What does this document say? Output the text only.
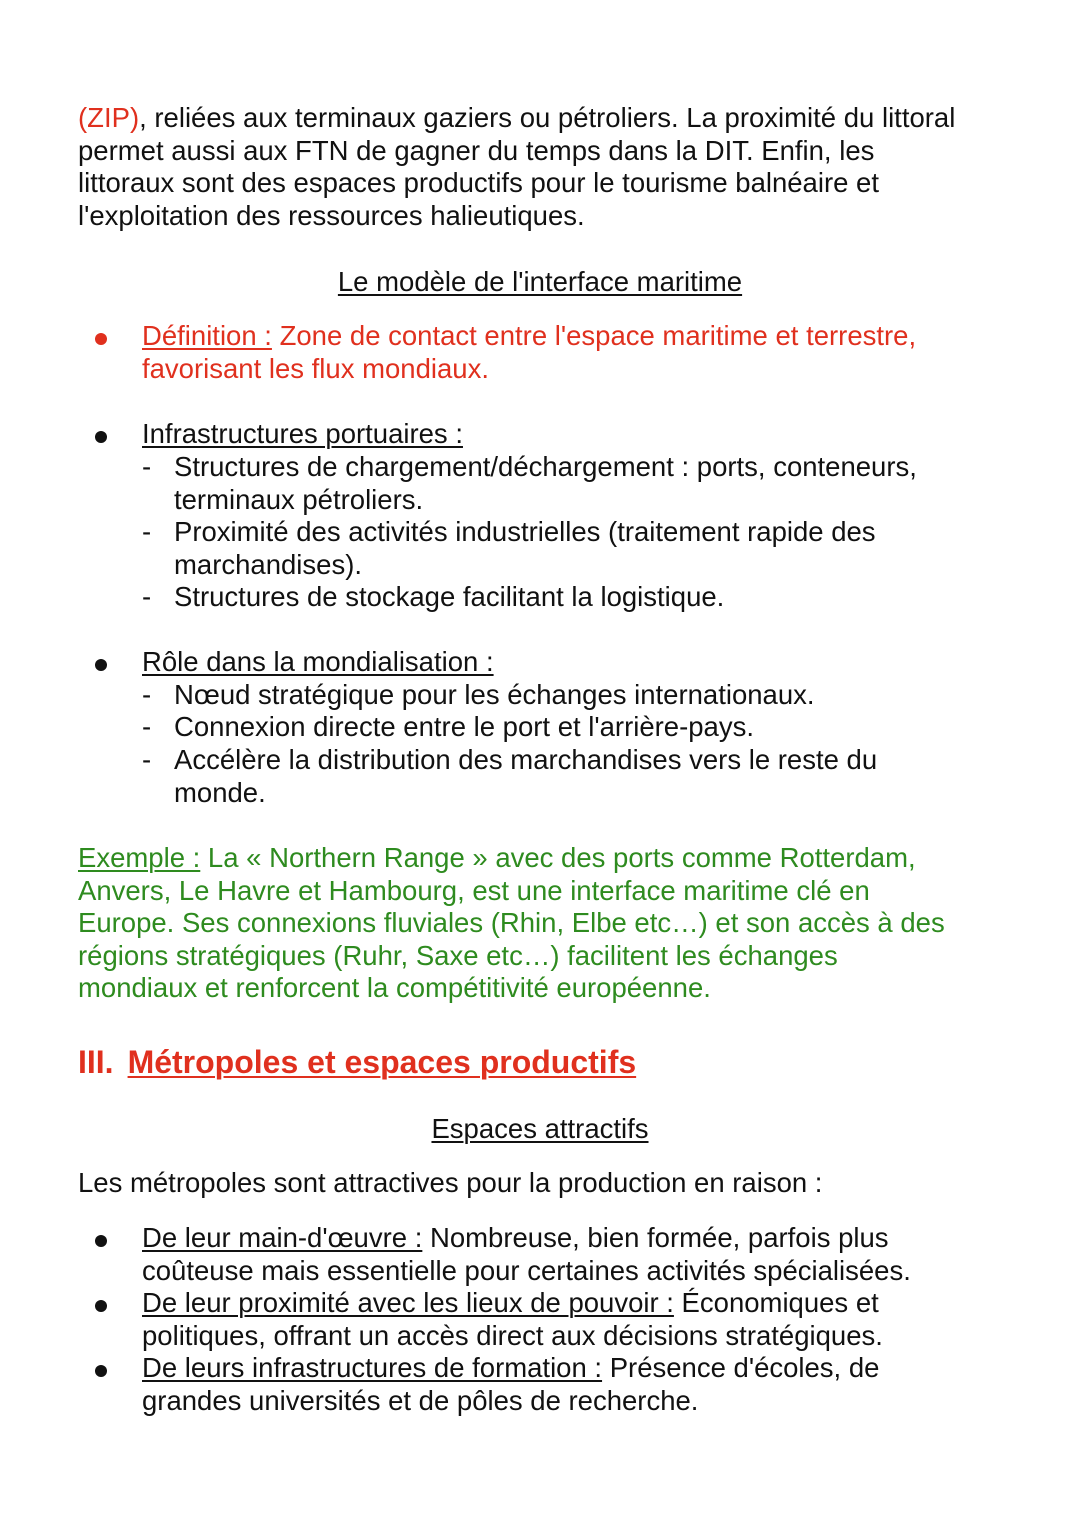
(ZIP), reliées aux terminaux gaziers ou pétroliers. La proximité du littoral
permet aussi aux FTN de gagner du temps dans la DIT. Enfin, les
littoraux sont des espaces productifs pour le tourisme balnéaire et
l'exploitation des ressources halieutiques.
Le modèle de l'interface maritime
Définition : Zone de contact entre l'espace maritime et terrestre,
favorisant les flux mondiaux.
Infrastructures portuaires :
- Structures de chargement/déchargement : ports, conteneurs,
terminaux pétroliers.
- Proximité des activités industrielles (traitement rapide des
marchandises).
- Structures de stockage facilitant la logistique.
Rôle dans la mondialisation :
- Nœud stratégique pour les échanges internationaux.
- Connexion directe entre le port et l'arrière-pays.
- Accélère la distribution des marchandises vers le reste du
monde.
Exemple : La « Northern Range » avec des ports comme Rotterdam,
Anvers, Le Havre et Hambourg, est une interface maritime clé en
Europe. Ses connexions fluviales (Rhin, Elbe etc…) et son accès à des
régions stratégiques (Ruhr, Saxe etc…) facilitent les échanges
mondiaux et renforcent la compétitivité européenne.
III. Métropoles et espaces productifs
Espaces attractifs
Les métropoles sont attractives pour la production en raison :
De leur main-d'œuvre : Nombreuse, bien formée, parfois plus
coûteuse mais essentielle pour certaines activités spécialisées.
De leur proximité avec les lieux de pouvoir : Économiques et
politiques, offrant un accès direct aux décisions stratégiques.
De leurs infrastructures de formation : Présence d'écoles, de
grandes universités et de pôles de recherche.
